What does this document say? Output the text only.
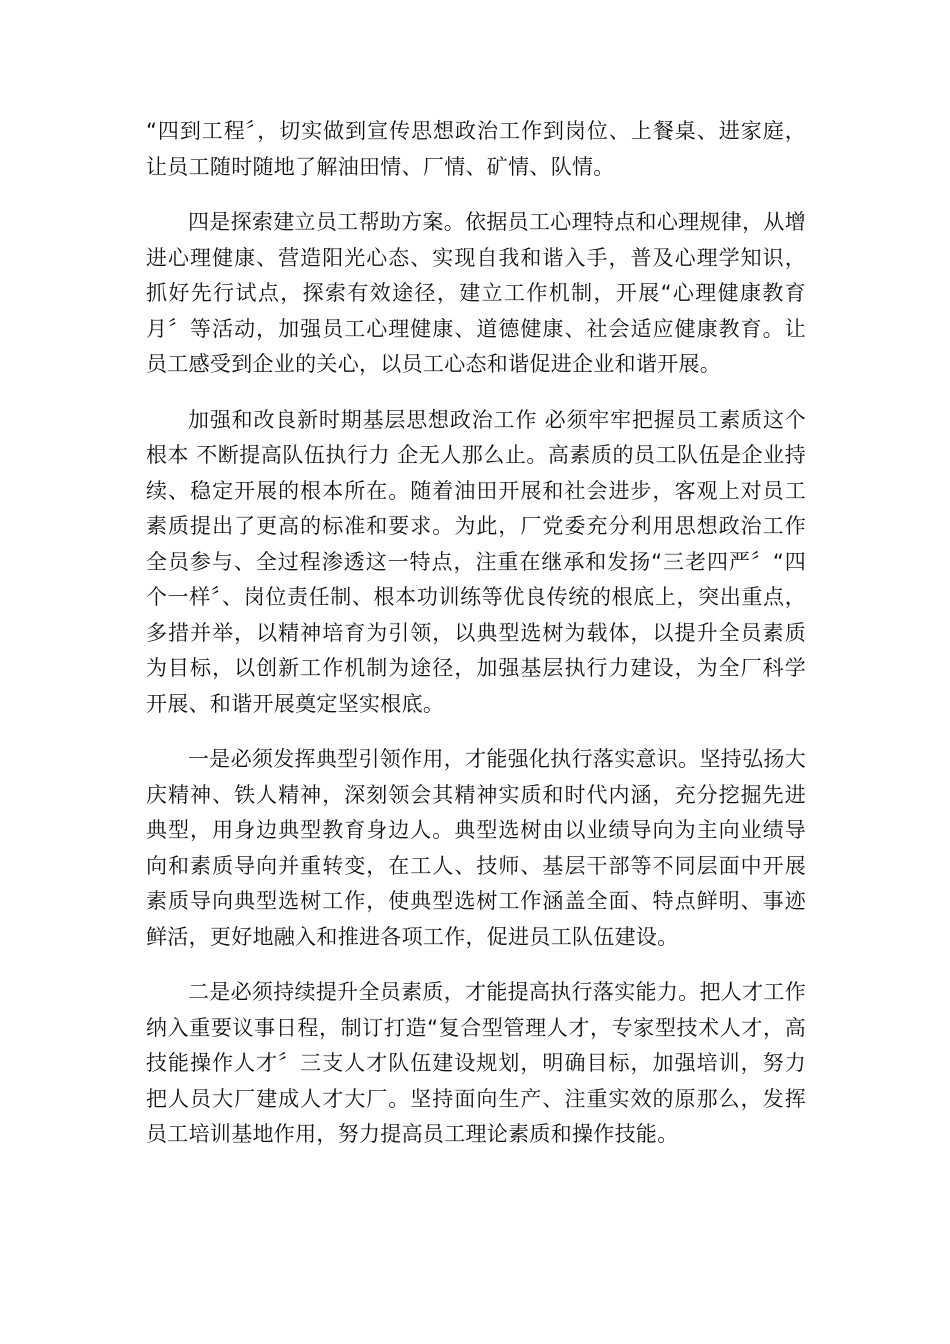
“四到工程〞，切实做到宣传思想政治工作到岗位、上餐桌、进家庭，让员工随时随地了解油田情、厂情、矿情、队情。

四是探索建立员工帮助方案。依据员工心理特点和心理规律，从增进心理健康、营造阳光心态、实现自我和谐入手，普及心理学知识，抓好先行试点，探索有效途径，建立工作机制，开展“心理健康教育月〞等活动，加强员工心理健康、道德健康、社会适应健康教育。让员工感受到企业的关心，以员工心态和谐促进企业和谐开展。

加强和改良新时期基层思想政治工作 必须牢牢把握员工素质这个根本 不断提高队伍执行力 企无人那么止。高素质的员工队伍是企业持续、稳定开展的根本所在。随着油田开展和社会进步，客观上对员工素质提出了更高的标准和要求。为此，厂党委充分利用思想政治工作全员参与、全过程渗透这一特点，注重在继承和发扬“三老四严〞“四个一样〞、岗位责任制、根本功训练等优良传统的根底上，突出重点，多措并举，以精神培育为引领，以典型选树为载体，以提升全员素质为目标，以创新工作机制为途径，加强基层执行力建设，为全厂科学开展、和谐开展奠定坚实根底。

一是必须发挥典型引领作用，才能强化执行落实意识。坚持弘扬大庆精神、铁人精神，深刻领会其精神实质和时代内涵，充分挖掘先进典型，用身边典型教育身边人。典型选树由以业绩导向为主向业绩导向和素质导向并重转变，在工人、技师、基层干部等不同层面中开展素质导向典型选树工作，使典型选树工作涵盖全面、特点鲜明、事迹鲜活，更好地融入和推进各项工作，促进员工队伍建设。

二是必须持续提升全员素质，才能提高执行落实能力。把人才工作纳入重要议事日程，制订打造“复合型管理人才，专家型技术人才，高技能操作人才〞三支人才队伍建设规划，明确目标，加强培训，努力把人员大厂建成人才大厂。坚持面向生产、注重实效的原那么，发挥员工培训基地作用，努力提高员工理论素质和操作技能。
